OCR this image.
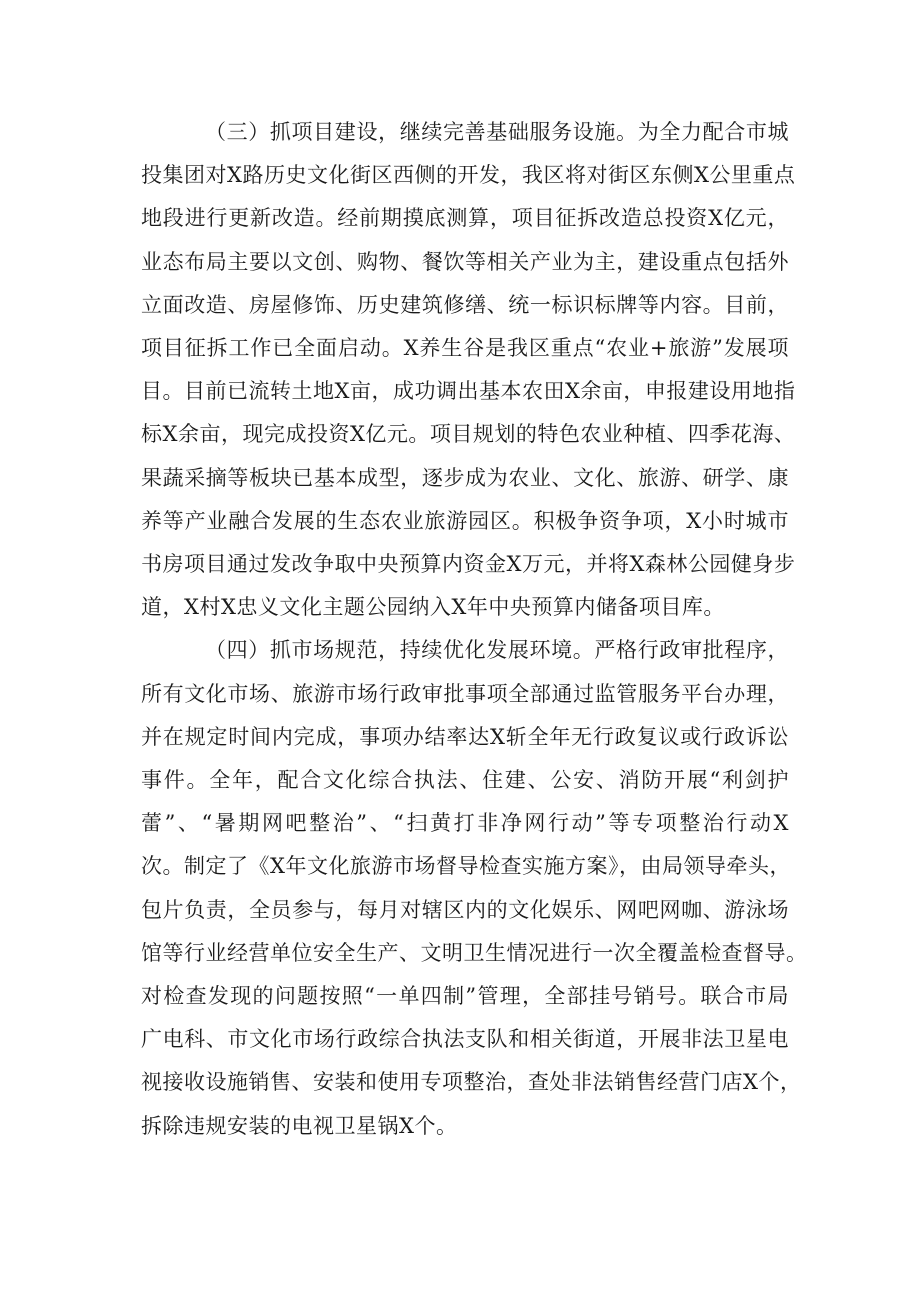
（三）抓项目建设，继续完善基础服务设施。为全力配合市城
投集团对X路历史文化街区西侧的开发，我区将对街区东侧X公里重点
地段进行更新改造。经前期摸底测算，项目征拆改造总投资X亿元，
业态布局主要以文创、购物、餐饮等相关产业为主，建设重点包括外
立面改造、房屋修饰、历史建筑修缮、统一标识标牌等内容。目前，
项目征拆工作已全面启动。X养生谷是我区重点“农业+旅游”发展项
目。目前已流转土地X亩，成功调出基本农田X余亩，申报建设用地指
标X余亩，现完成投资X亿元。项目规划的特色农业种植、四季花海、
果蔬采摘等板块已基本成型，逐步成为农业、文化、旅游、研学、康
养等产业融合发展的生态农业旅游园区。积极争资争项，X小时城市
书房项目通过发改争取中央预算内资金X万元，并将X森林公园健身步
道，X村X忠义文化主题公园纳入X年中央预算内储备项目库。

（四）抓市场规范，持续优化发展环境。严格行政审批程序，
所有文化市场、旅游市场行政审批事项全部通过监管服务平台办理，
并在规定时间内完成，事项办结率达X斩全年无行政复议或行政诉讼
事件。全年，配合文化综合执法、住建、公安、消防开展“利剑护
蕾”、“暑期网吧整治”、“扫黄打非净网行动”等专项整治行动X
次。制定了《X年文化旅游市场督导检查实施方案》，由局领导牵头，
包片负责，全员参与，每月对辖区内的文化娱乐、网吧网咖、游泳场
馆等行业经营单位安全生产、文明卫生情况进行一次全覆盖检查督导。
对检查发现的问题按照“一单四制”管理，全部挂号销号。联合市局
广电科、市文化市场行政综合执法支队和相关街道，开展非法卫星电
视接收设施销售、安装和使用专项整治，查处非法销售经营门店X个，
拆除违规安装的电视卫星锅X个。
